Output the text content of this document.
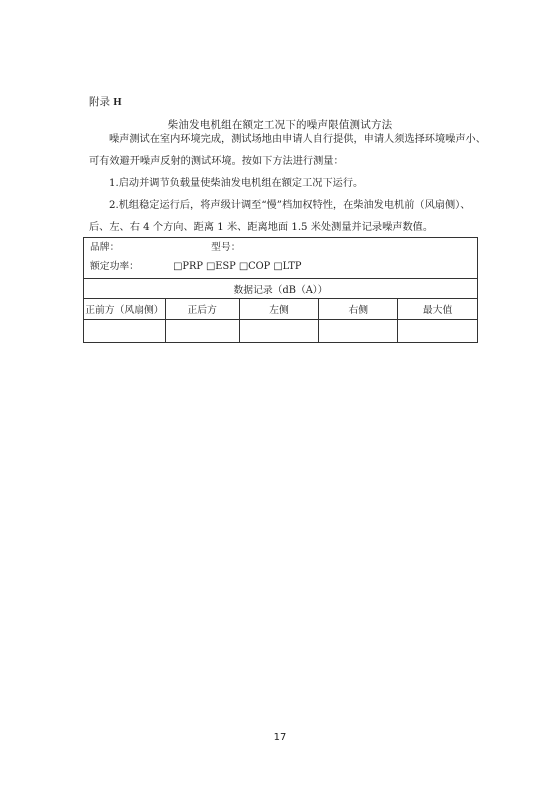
附录 H
柴油发电机组在额定工况下的噪声限值测试方法
噪声测试在室内环境完成，测试场地由申请人自行提供，申请人须选择环境噪声小、可有效避开噪声反射的测试环境。按如下方法进行测量：
1.启动并调节负载量使柴油发电机组在额定工况下运行。
2.机组稳定运行后，将声级计调至“慢”档加权特性，在柴油发电机前（风扇侧）、后、左、右 4 个方向、距离 1 米、距离地面 1.5 米处测量并记录噪声数值。
品牌： 型号：
额定功率： □PRP □ESP □COP □LTP				

数据记录（dB（A））				
正前方（风扇侧）	正后方	左侧	右侧	最大值

17
